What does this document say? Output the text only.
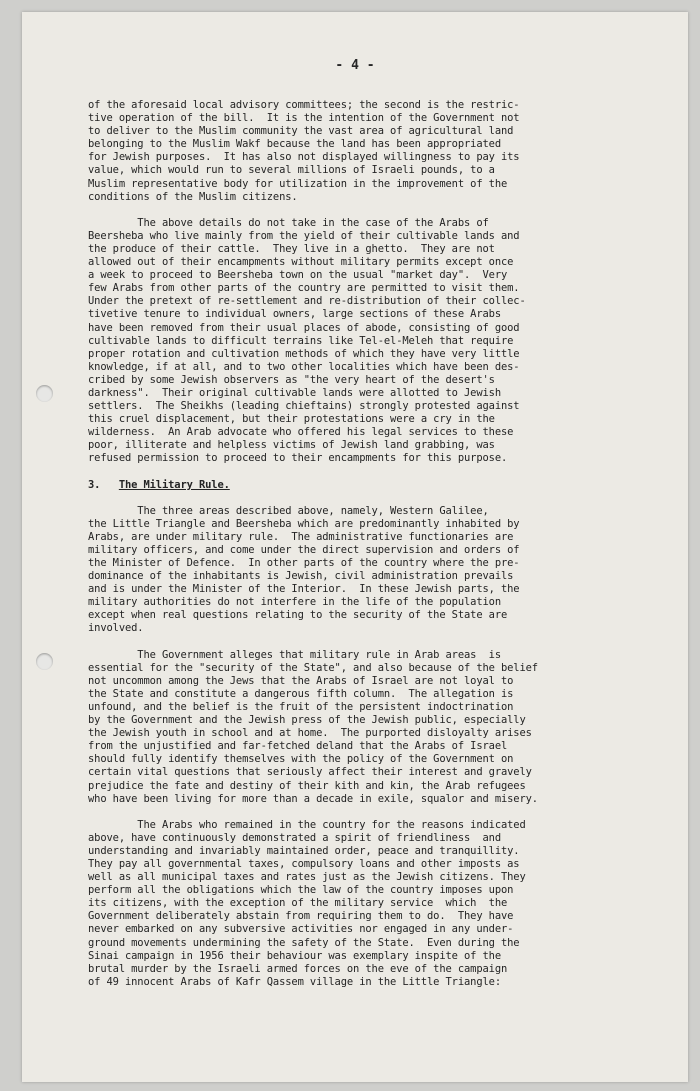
- 4 -
of the aforesaid local advisory committees; the second is the restric-
tive operation of the bill.  It is the intention of the Government not
to deliver to the Muslim community the vast area of agricultural land
belonging to the Muslim Wakf because the land has been appropriated
for Jewish purposes.  It has also not displayed willingness to pay its
value, which would run to several millions of Israeli pounds, to a
Muslim representative body for utilization in the improvement of the
conditions of the Muslim citizens.
The above details do not take in the case of the Arabs of
Beersheba who live mainly from the yield of their cultivable lands and
the produce of their cattle.  They live in a ghetto.  They are not
allowed out of their encampments without military permits except once
a week to proceed to Beersheba town on the usual "market day".  Very
few Arabs from other parts of the country are permitted to visit them.
Under the pretext of re-settlement and re-distribution of their collec-
tivetive tenure to individual owners, large sections of these Arabs
have been removed from their usual places of abode, consisting of good
cultivable lands to difficult terrains like Tel-el-Meleh that require
proper rotation and cultivation methods of which they have very little
knowledge, if at all, and to two other localities which have been des-
cribed by some Jewish observers as "the very heart of the desert's
darkness".  Their original cultivable lands were allotted to Jewish
settlers.  The Sheikhs (leading chieftains) strongly protested against
this cruel displacement, but their protestations were a cry in the
wilderness.  An Arab advocate who offered his legal services to these
poor, illiterate and helpless victims of Jewish land grabbing, was
refused permission to proceed to their encampments for this purpose.
3. The Military Rule.
The three areas described above, namely, Western Galilee,
the Little Triangle and Beersheba which are predominantly inhabited by
Arabs, are under military rule.  The administrative functionaries are
military officers, and come under the direct supervision and orders of
the Minister of Defence.  In other parts of the country where the pre-
dominance of the inhabitants is Jewish, civil administration prevails
and is under the Minister of the Interior.  In these Jewish parts, the
military authorities do not interfere in the life of the population
except when real questions relating to the security of the State are
involved.
The Government alleges that military rule in Arab areas  is
essential for the "security of the State", and also because of the belief
not uncommon among the Jews that the Arabs of Israel are not loyal to
the State and constitute a dangerous fifth column.  The allegation is
unfound, and the belief is the fruit of the persistent indoctrination
by the Government and the Jewish press of the Jewish public, especially
the Jewish youth in school and at home.  The purported disloyalty arises
from the unjustified and far-fetched deland that the Arabs of Israel
should fully identify themselves with the policy of the Government on
certain vital questions that seriously affect their interest and gravely
prejudice the fate and destiny of their kith and kin, the Arab refugees
who have been living for more than a decade in exile, squalor and misery.
The Arabs who remained in the country for the reasons indicated
above, have continuously demonstrated a spirit of friendliness  and
understanding and invariably maintained order, peace and tranquillity.
They pay all governmental taxes, compulsory loans and other imposts as
well as all municipal taxes and rates just as the Jewish citizens. They
perform all the obligations which the law of the country imposes upon
its citizens, with the exception of the military service  which  the
Government deliberately abstain from requiring them to do.  They have
never embarked on any subversive activities nor engaged in any under-
ground movements undermining the safety of the State.  Even during the
Sinai campaign in 1956 their behaviour was exemplary inspite of the
brutal murder by the Israeli armed forces on the eve of the campaign
of 49 innocent Arabs of Kafr Qassem village in the Little Triangle:
